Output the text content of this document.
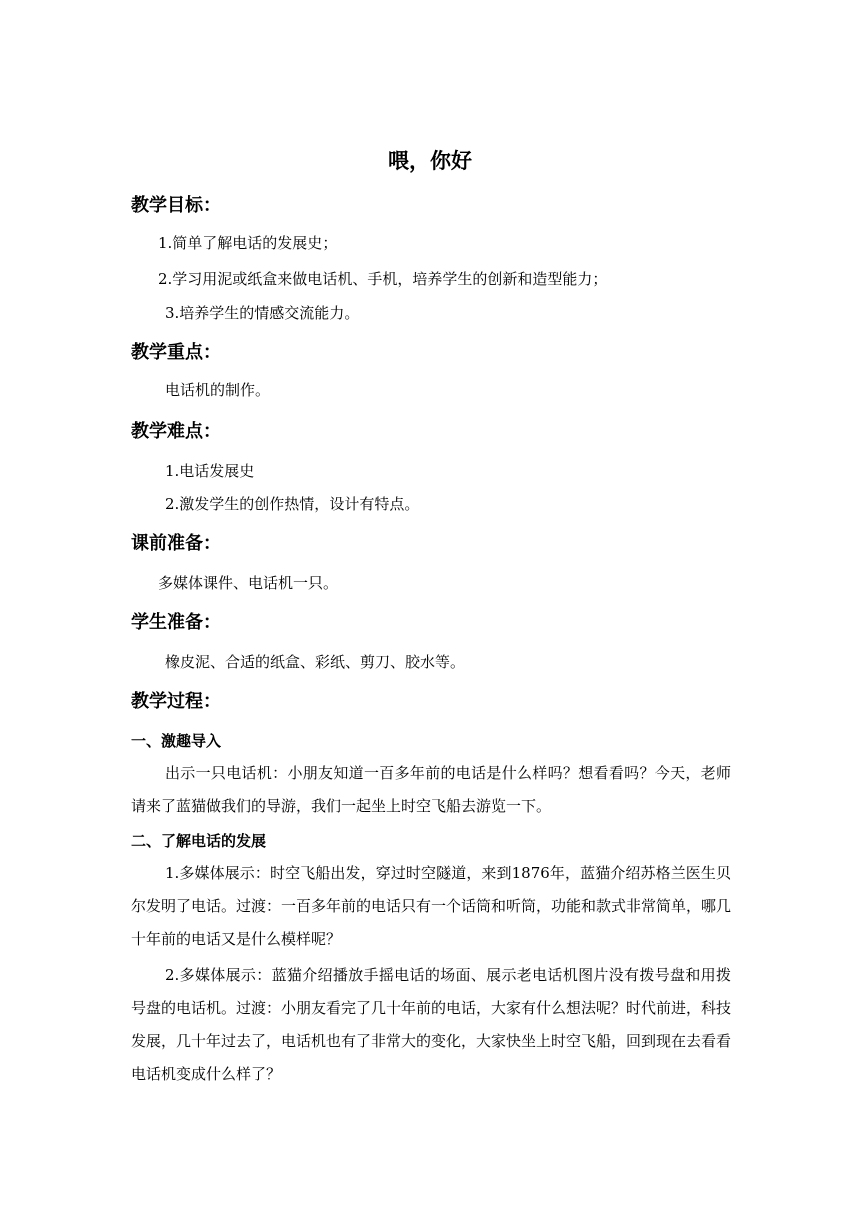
喂，你好
教学目标：
1.简单了解电话的发展史；
2.学习用泥或纸盒来做电话机、手机，培养学生的创新和造型能力；
3.培养学生的情感交流能力。
教学重点：
电话机的制作。
教学难点：
1.电话发展史
2.激发学生的创作热情，设计有特点。
课前准备：
多媒体课件、电话机一只。
学生准备：
橡皮泥、合适的纸盒、彩纸、剪刀、胶水等。
教学过程：
一、激趣导入
出示一只电话机：小朋友知道一百多年前的电话是什么样吗？想看看吗？今天，老师请来了蓝猫做我们的导游，我们一起坐上时空飞船去游览一下。
二、了解电话的发展
1.多媒体展示：时空飞船出发，穿过时空隧道，来到1876年，蓝猫介绍苏格兰医生贝尔发明了电话。过渡：一百多年前的电话只有一个话筒和听筒，功能和款式非常简单，哪几十年前的电话又是什么模样呢？
2.多媒体展示：蓝猫介绍播放手摇电话的场面、展示老电话机图片没有拨号盘和用拨号盘的电话机。过渡：小朋友看完了几十年前的电话，大家有什么想法呢？时代前进，科技发展，几十年过去了，电话机也有了非常大的变化，大家快坐上时空飞船，回到现在去看看电话机变成什么样了？
